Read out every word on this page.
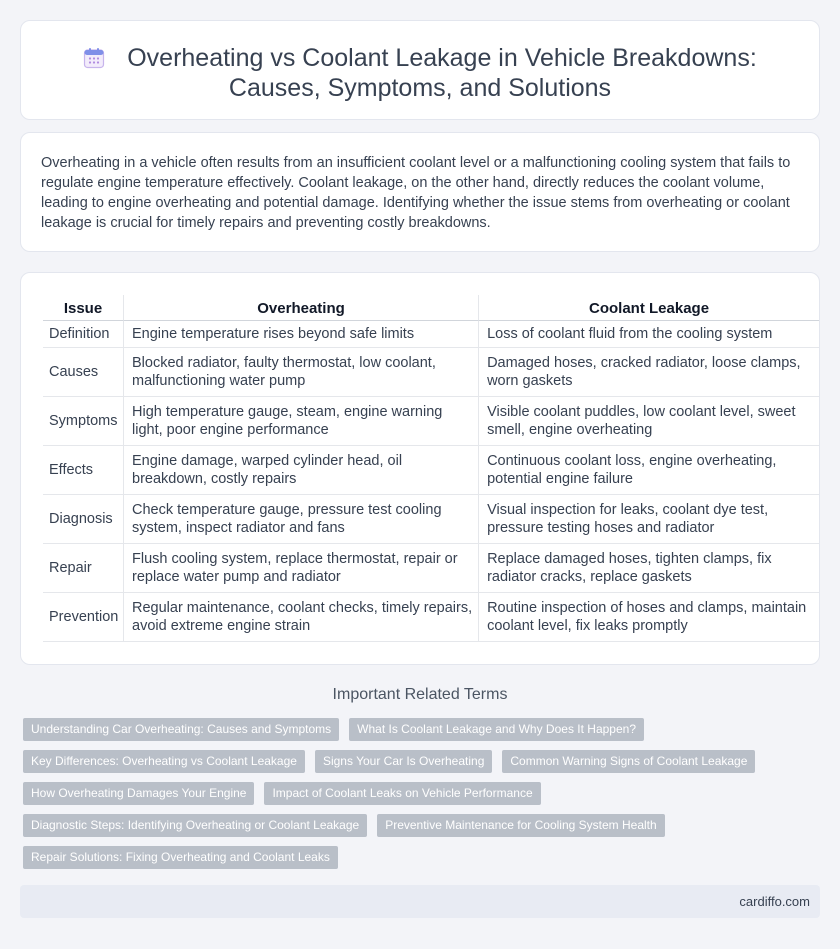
Overheating vs Coolant Leakage in Vehicle Breakdowns: Causes, Symptoms, and Solutions

Overheating in a vehicle often results from an insufficient coolant level or a malfunctioning cooling system that fails to regulate engine temperature effectively. Coolant leakage, on the other hand, directly reduces the coolant volume, leading to engine overheating and potential damage. Identifying whether the issue stems from overheating or coolant leakage is crucial for timely repairs and preventing costly breakdowns.

Issue	Overheating	Coolant Leakage
Definition	Engine temperature rises beyond safe limits	Loss of coolant fluid from the cooling system
Causes	Blocked radiator, faulty thermostat, low coolant, malfunctioning water pump	Damaged hoses, cracked radiator, loose clamps, worn gaskets
Symptoms	High temperature gauge, steam, engine warning light, poor engine performance	Visible coolant puddles, low coolant level, sweet smell, engine overheating
Effects	Engine damage, warped cylinder head, oil breakdown, costly repairs	Continuous coolant loss, engine overheating, potential engine failure
Diagnosis	Check temperature gauge, pressure test cooling system, inspect radiator and fans	Visual inspection for leaks, coolant dye test, pressure testing hoses and radiator
Repair	Flush cooling system, replace thermostat, repair or replace water pump and radiator	Replace damaged hoses, tighten clamps, fix radiator cracks, replace gaskets
Prevention	Regular maintenance, coolant checks, timely repairs, avoid extreme engine strain	Routine inspection of hoses and clamps, maintain coolant level, fix leaks promptly
Important Related Terms
Understanding Car Overheating: Causes and Symptoms	What Is Coolant Leakage and Why Does It Happen?
Key Differences: Overheating vs Coolant Leakage	Signs Your Car Is Overheating	Common Warning Signs of Coolant Leakage
How Overheating Damages Your Engine	Impact of Coolant Leaks on Vehicle Performance
Diagnostic Steps: Identifying Overheating or Coolant Leakage	Preventive Maintenance for Cooling System Health
Repair Solutions: Fixing Overheating and Coolant Leaks
cardiffo.com
